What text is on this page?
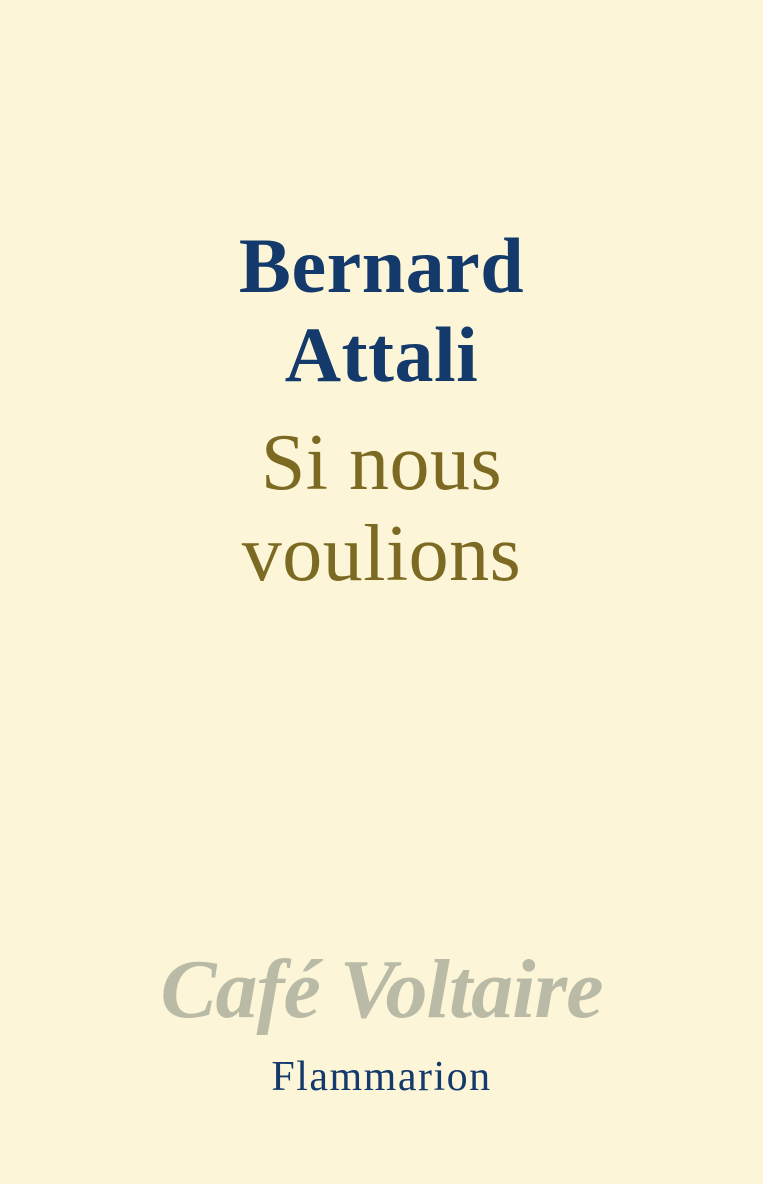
Bernard
Attali
Si nous
voulions
Café Voltaire
Flammarion
